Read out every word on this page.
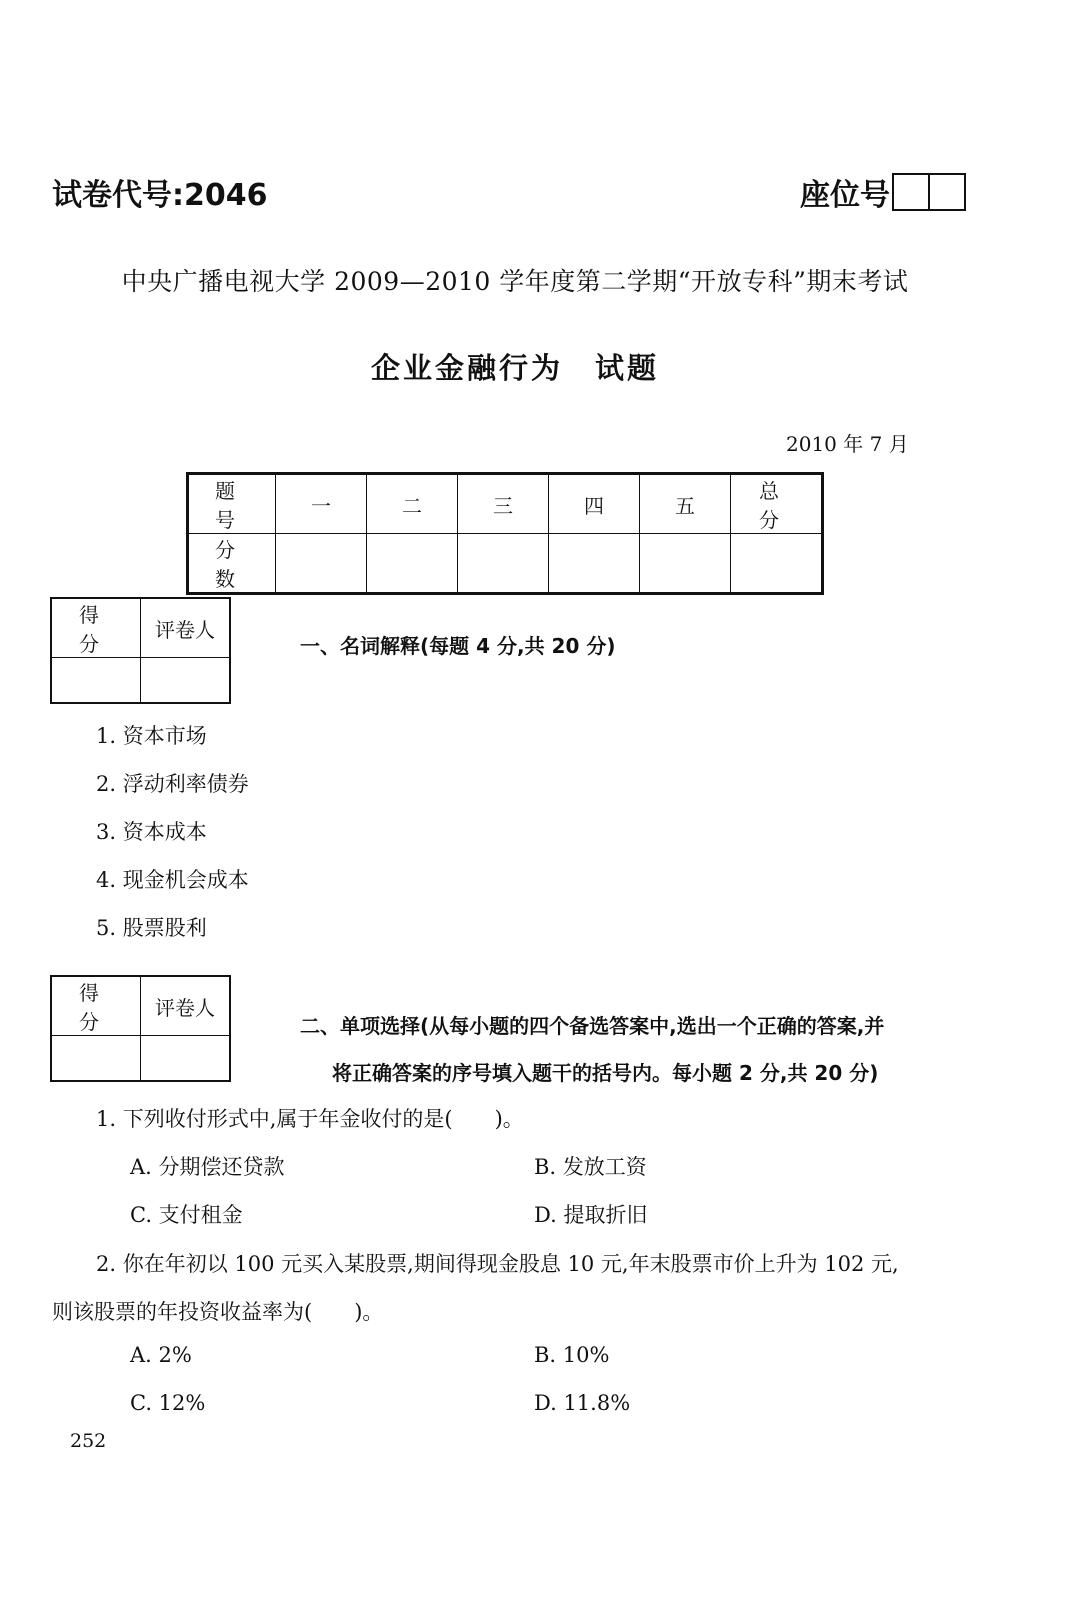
试卷代号:2046	座位号
中央广播电视大学 2009—2010 学年度第二学期“开放专科”期末考试
企业金融行为　试题
2010 年 7 月
题　号	一	二	三	四	五	总　分
分　数						
得　分	评卷人

一、名词解释(每题 4 分,共 20 分)
1. 资本市场
2. 浮动利率债券
3. 资本成本
4. 现金机会成本
5. 股票股利
得　分	评卷人

二、单项选择(从每小题的四个备选答案中,选出一个正确的答案,并
将正确答案的序号填入题干的括号内。每小题 2 分,共 20 分)
1. 下列收付形式中,属于年金收付的是(　　)。
A. 分期偿还贷款	B. 发放工资
C. 支付租金	D. 提取折旧
2. 你在年初以 100 元买入某股票,期间得现金股息 10 元,年末股票市价上升为 102 元,
则该股票的年投资收益率为(　　)。
A. 2%	B. 10%
C. 12%	D. 11.8%
252
